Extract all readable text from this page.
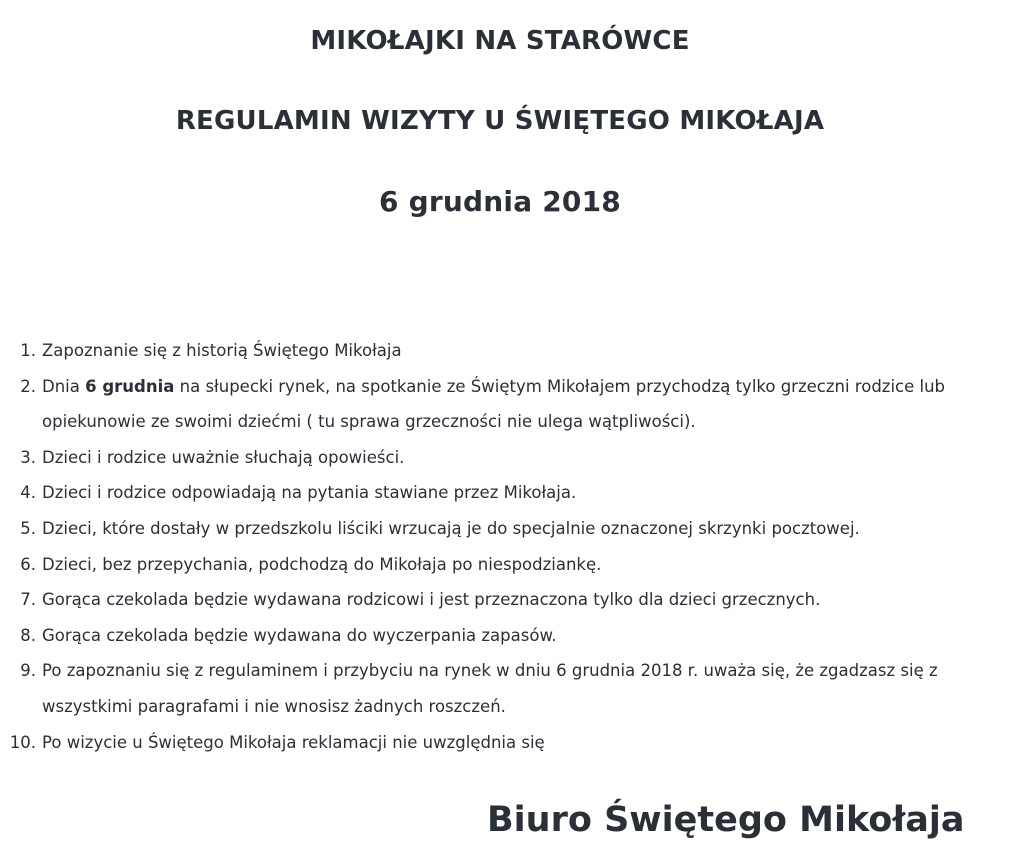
MIKOŁAJKI NA STARÓWCE
REGULAMIN WIZYTY U ŚWIĘTEGO MIKOŁAJA
6 grudnia 2018
1. Zapoznanie się z historią Świętego Mikołaja
2. Dnia 6 grudnia na słupecki rynek, na spotkanie ze Świętym Mikołajem przychodzą tylko grzeczni rodzice lub opiekunowie ze swoimi dziećmi ( tu sprawa grzeczności nie ulega wątpliwości).
3. Dzieci i rodzice uważnie słuchają opowieści.
4. Dzieci i rodzice odpowiadają na pytania stawiane przez Mikołaja.
5. Dzieci, które dostały w przedszkolu liściki wrzucają je do specjalnie oznaczonej skrzynki pocztowej.
6. Dzieci, bez przepychania, podchodzą do Mikołaja po niespodziankę.
7. Gorąca czekolada będzie wydawana rodzicowi i jest przeznaczona tylko dla dzieci grzecznych.
8. Gorąca czekolada będzie wydawana do wyczerpania zapasów.
9. Po zapoznaniu się z regulaminem i przybyciu na rynek w dniu 6 grudnia 2018 r. uważa się, że zgadzasz się z wszystkimi paragrafami i nie wnosisz żadnych roszczeń.
10. Po wizycie u Świętego Mikołaja reklamacji nie uwzględnia się

Biuro Świętego Mikołaja
